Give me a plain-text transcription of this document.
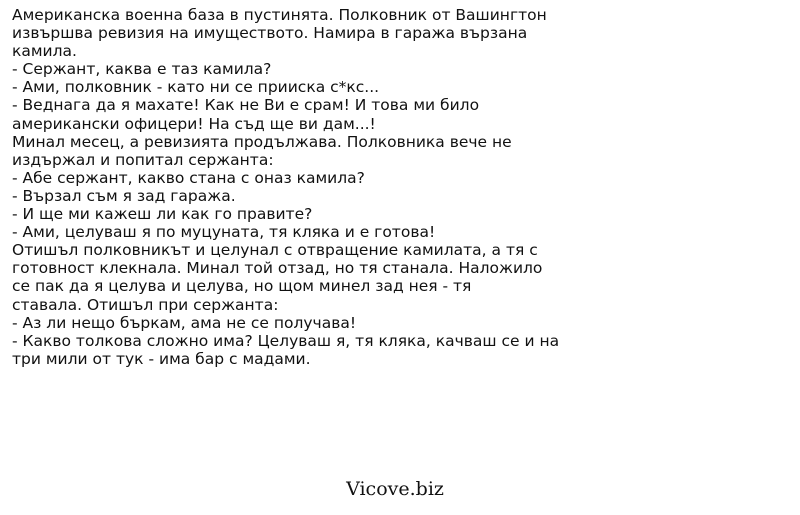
Американска военна база в пустинята. Полковник от Вашингтон
извършва ревизия на имуществото. Намира в гаража вързана
камила.
- Сержант, каква е таз камила?
- Ами, полковник - като ни се прииска с*кс...
- Веднага да я махате! Как не Ви е срам! И това ми било
американски офицери! На съд ще ви дам...!
Минал месец, а ревизията продължава. Полковника вече не
издържал и попитал сержанта:
- Абе сержант, какво стана с оназ камила?
- Вързал съм я зад гаража.
- И ще ми кажеш ли как го правите?
- Ами, целуваш я по муцуната, тя кляка и е готова!
Отишъл полковникът и целунал с отвращение камилата, а тя с
готовност клекнала. Минал той отзад, но тя станала. Наложило
се пак да я целува и целува, но щом минел зад нея - тя
ставала. Отишъл при сержанта:
- Аз ли нещо бъркам, ама не се получава!
- Какво толкова сложно има? Целуваш я, тя кляка, качваш се и на
три мили от тук - има бар с мадами.
Vicove.biz
